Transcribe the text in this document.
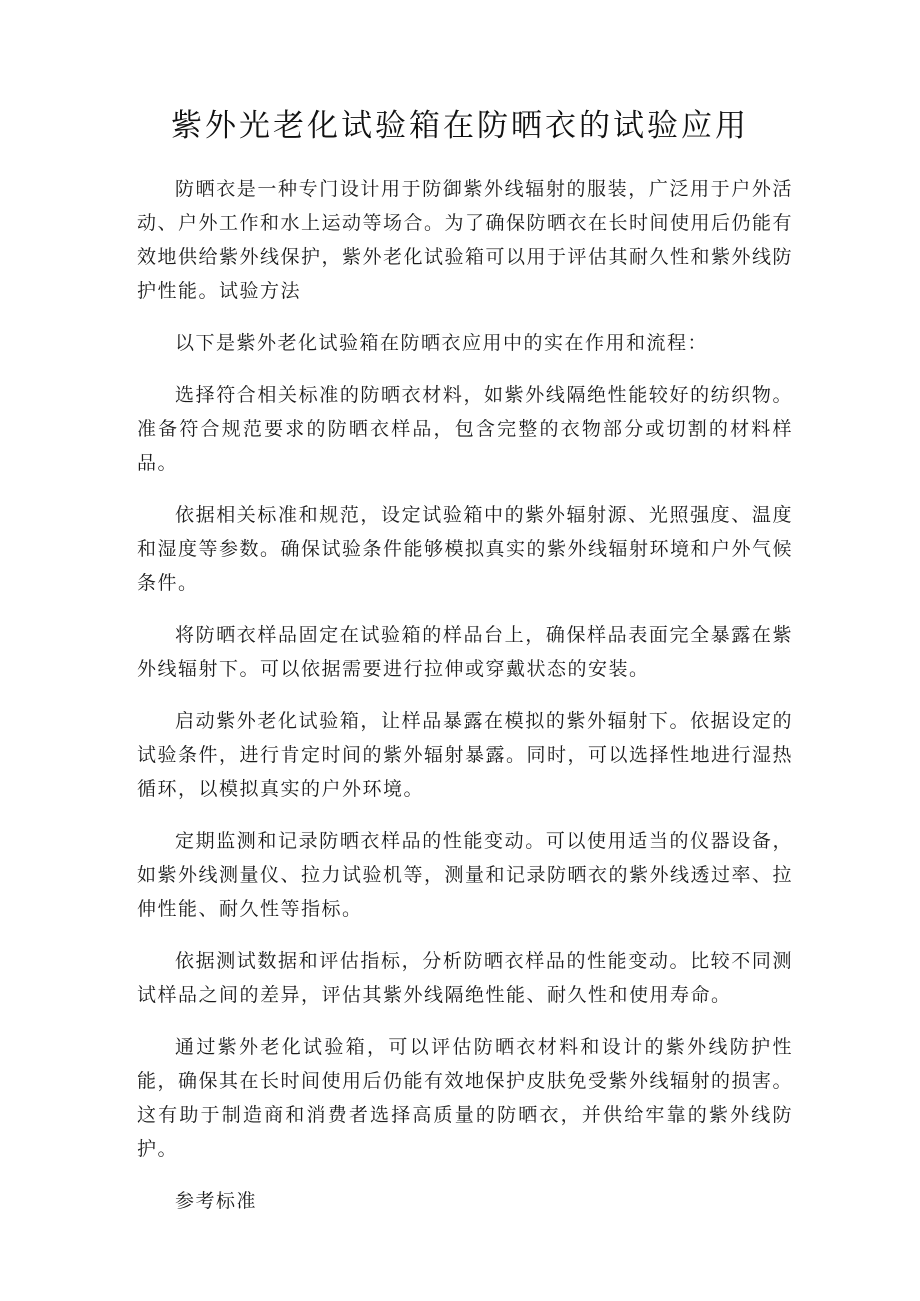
紫外光老化试验箱在防晒衣的试验应用

防晒衣是一种专门设计用于防御紫外线辐射的服装，广泛用于户外活动、户外工作和水上运动等场合。为了确保防晒衣在长时间使用后仍能有效地供给紫外线保护，紫外老化试验箱可以用于评估其耐久性和紫外线防护性能。试验方法

以下是紫外老化试验箱在防晒衣应用中的实在作用和流程：

选择符合相关标准的防晒衣材料，如紫外线隔绝性能较好的纺织物。准备符合规范要求的防晒衣样品，包含完整的衣物部分或切割的材料样品。

依据相关标准和规范，设定试验箱中的紫外辐射源、光照强度、温度和湿度等参数。确保试验条件能够模拟真实的紫外线辐射环境和户外气候条件。

将防晒衣样品固定在试验箱的样品台上，确保样品表面完全暴露在紫外线辐射下。可以依据需要进行拉伸或穿戴状态的安装。

启动紫外老化试验箱，让样品暴露在模拟的紫外辐射下。依据设定的试验条件，进行肯定时间的紫外辐射暴露。同时，可以选择性地进行湿热循环，以模拟真实的户外环境。

定期监测和记录防晒衣样品的性能变动。可以使用适当的仪器设备，如紫外线测量仪、拉力试验机等，测量和记录防晒衣的紫外线透过率、拉伸性能、耐久性等指标。

依据测试数据和评估指标，分析防晒衣样品的性能变动。比较不同测试样品之间的差异，评估其紫外线隔绝性能、耐久性和使用寿命。

通过紫外老化试验箱，可以评估防晒衣材料和设计的紫外线防护性能，确保其在长时间使用后仍能有效地保护皮肤免受紫外线辐射的损害。这有助于制造商和消费者选择高质量的防晒衣，并供给牢靠的紫外线防护。

参考标准
